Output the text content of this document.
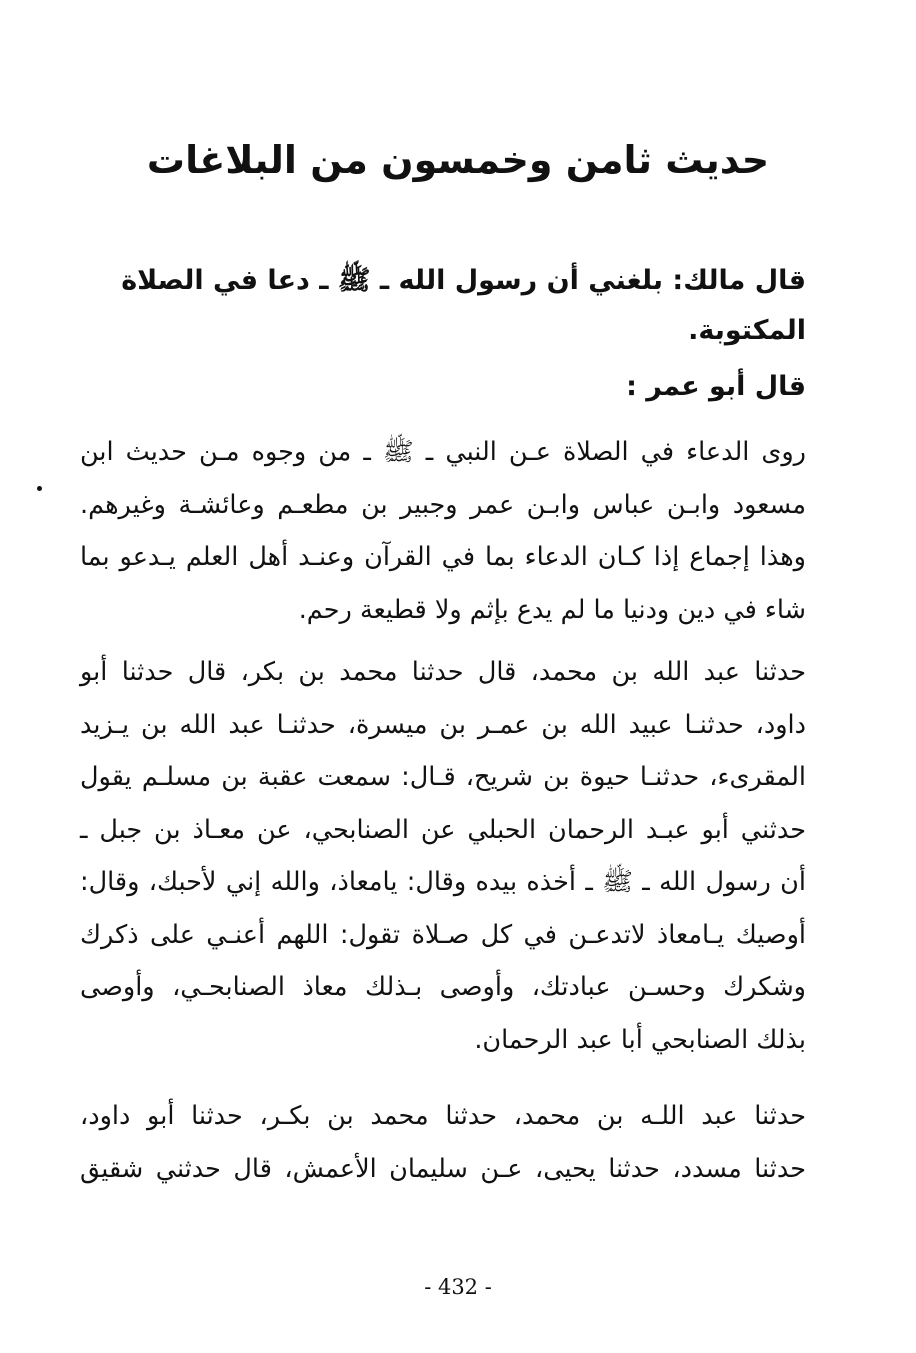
حديث ثامن وخمسون من البلاغات

قال مالك: بلغني أن رسول الله ـ ﷺ ـ دعا في الصلاة المكتوبة.

قال أبو عمر :

روى الدعاء في الصلاة عـن النبي ـ ﷺ ـ من وجوه مـن حديث ابن
مسعود وابـن عباس وابـن عمر وجبير بن مطعـم وعائشـة وغيرهم.
وهذا إجماع إذا كـان الدعاء بما في القرآن وعنـد أهل العلم يـدعو بما
شاء في دين ودنيا ما لم يدع بإثم ولا قطيعة رحم.
حدثنا عبد الله بن محمد، قال حدثنا محمد بن بكر، قال حدثنا أبو
داود، حدثنـا عبيد الله بن عمـر بن ميسرة، حدثنـا عبد الله بن يـزيد
المقرىء، حدثنـا حيوة بن شريح، قـال: سمعت عقبة بن مسلـم يقول
حدثني أبو عبـد الرحمان الحبلي عن الصنابحي، عن معـاذ بن جبل ـ
أن رسول الله ـ ﷺ ـ أخذه بيده وقال: يامعاذ، والله إني لأحبك، وقال:
أوصيك يـامعاذ لاتدعـن في كل صـلاة تقول: اللهم أعنـي على ذكرك
وشكرك وحسـن عبادتك، وأوصى بـذلك معاذ الصنابحـي، وأوصى
بذلك الصنابحي أبا عبد الرحمان.
حدثنا عبد اللـه بن محمد، حدثنا محمد بن بكـر، حدثنا أبو داود،
حدثنا مسدد، حدثنا يحيى، عـن سليمان الأعمش، قال حدثني شقيق
- 432 -
